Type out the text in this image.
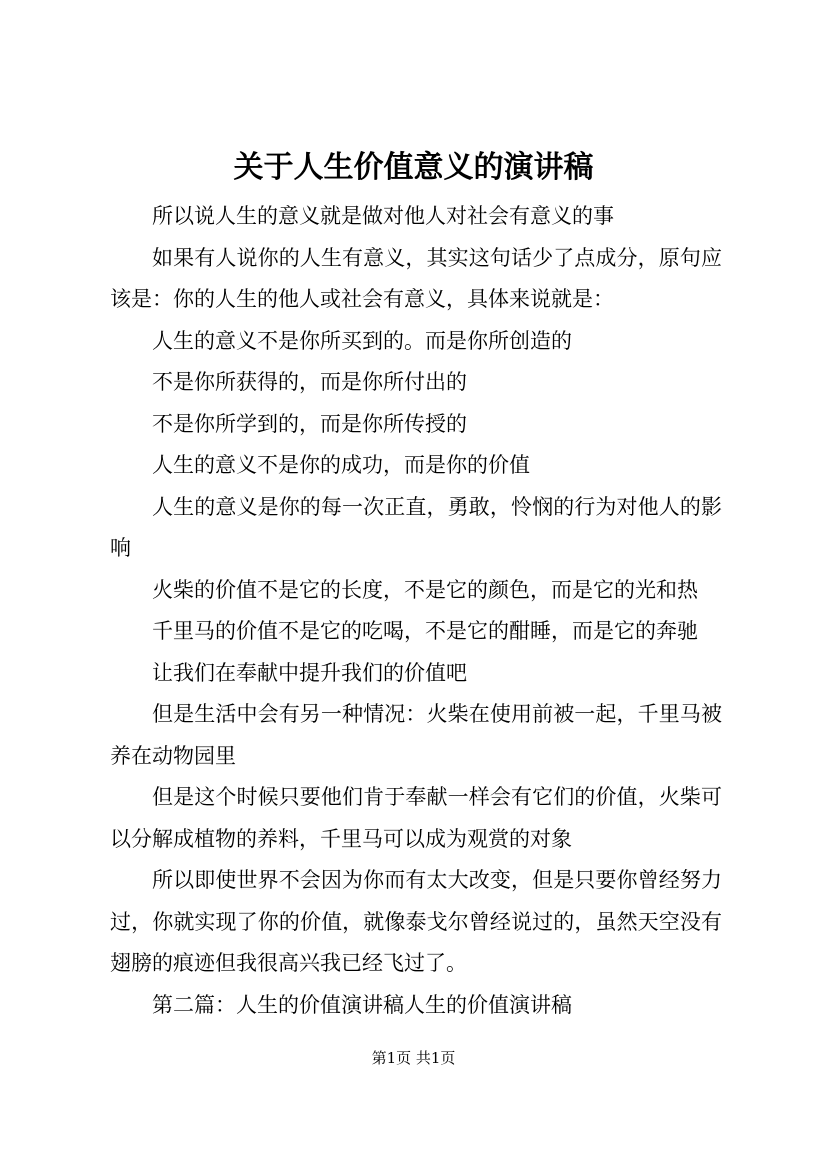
关于人生价值意义的演讲稿

所以说人生的意义就是做对他人对社会有意义的事

如果有人说你的人生有意义，其实这句话少了点成分，原句应该是：你的人生的他人或社会有意义，具体来说就是：

人生的意义不是你所买到的。而是你所创造的

不是你所获得的，而是你所付出的

不是你所学到的，而是你所传授的

人生的意义不是你的成功，而是你的价值

人生的意义是你的每一次正直，勇敢，怜悯的行为对他人的影响

火柴的价值不是它的长度，不是它的颜色，而是它的光和热

千里马的价值不是它的吃喝，不是它的酣睡，而是它的奔驰

让我们在奉献中提升我们的价值吧

但是生活中会有另一种情况：火柴在使用前被一起，千里马被养在动物园里

但是这个时候只要他们肯于奉献一样会有它们的价值，火柴可以分解成植物的养料，千里马可以成为观赏的对象

所以即使世界不会因为你而有太大改变，但是只要你曾经努力过，你就实现了你的价值，就像泰戈尔曾经说过的，虽然天空没有翅膀的痕迹但我很高兴我已经飞过了。

第二篇：人生的价值演讲稿人生的价值演讲稿

第1页 共1页
